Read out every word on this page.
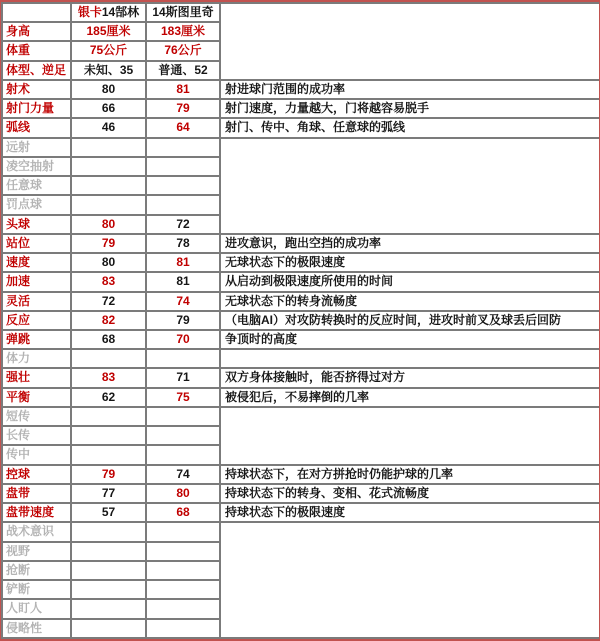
	银卡14郜林	14斯图里奇	
身高	185厘米	183厘米	
体重	75公斤	76公斤	
体型、逆足	未知、35	普通、52	
射术	80	81	射进球门范围的成功率
射门力量	66	79	射门速度，力量越大，门将越容易脱手
弧线	46	64	射门、传中、角球、任意球的弧线
远射			
凌空抽射			
任意球			
罚点球			
头球	80	72	
站位	79	78	进攻意识，跑出空挡的成功率
速度	80	81	无球状态下的极限速度
加速	83	81	从启动到极限速度所使用的时间
灵活	72	74	无球状态下的转身流畅度
反应	82	79	（电脑AI）对攻防转换时的反应时间，进攻时前叉及球丢后回防
弹跳	68	70	争顶时的高度
体力			
强壮	83	71	双方身体接触时，能否挤得过对方
平衡	62	75	被侵犯后，不易摔倒的几率
短传			
长传			
传中			
控球	79	74	持球状态下，在对方拼抢时仍能护球的几率
盘带	77	80	持球状态下的转身、变相、花式流畅度
盘带速度	57	68	持球状态下的极限速度
战术意识			
视野			
抢断			
铲断			
人盯人			
侵略性			
